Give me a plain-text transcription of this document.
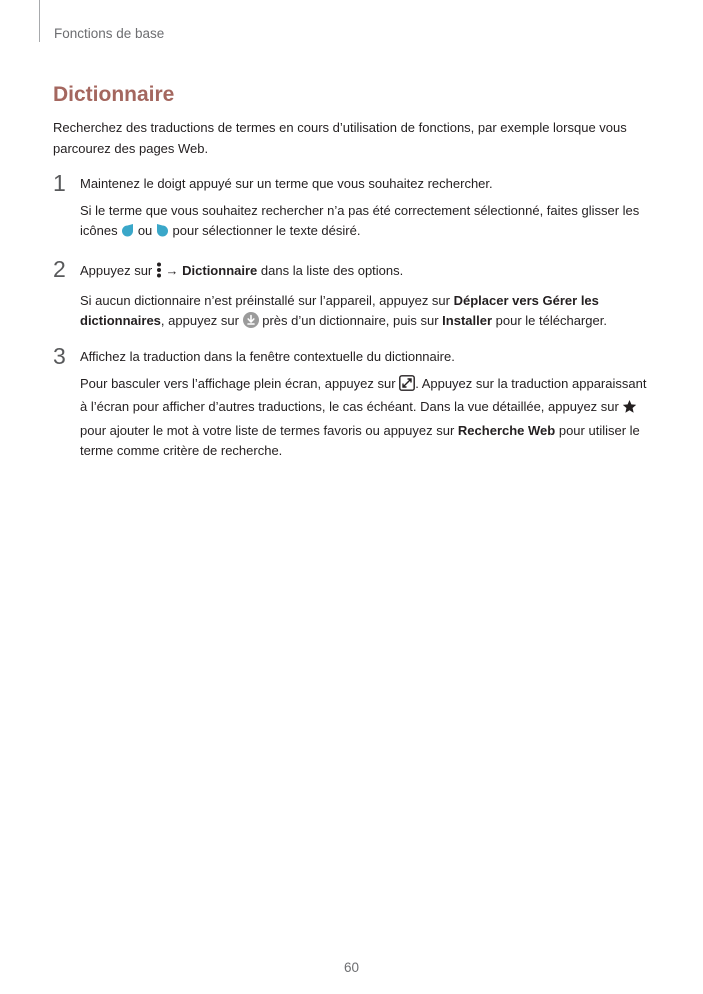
Fonctions de base
Dictionnaire
Recherchez des traductions de termes en cours d’utilisation de fonctions, par exemple lorsque vous parcourez des pages Web.
1 Maintenez le doigt appuyé sur un terme que vous souhaitez rechercher.
Si le terme que vous souhaitez rechercher n’a pas été correctement sélectionné, faites glisser les icônes ou pour sélectionner le texte désiré.
2 Appuyez sur → Dictionnaire dans la liste des options.
Si aucun dictionnaire n’est préinstallé sur l’appareil, appuyez sur Déplacer vers Gérer les dictionnaires, appuyez sur près d’un dictionnaire, puis sur Installer pour le télécharger.
3 Affichez la traduction dans la fenêtre contextuelle du dictionnaire.
Pour basculer vers l’affichage plein écran, appuyez sur . Appuyez sur la traduction apparaissant à l’écran pour afficher d’autres traductions, le cas échéant. Dans la vue détaillée, appuyez sur  pour ajouter le mot à votre liste de termes favoris ou appuyez sur Recherche Web pour utiliser le terme comme critère de recherche.
60
